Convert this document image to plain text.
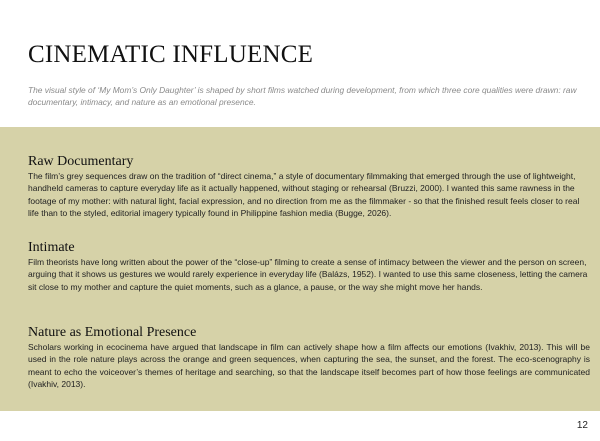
CINEMATIC INFLUENCE
The visual style of ‘My Mom’s Only Daughter’ is shaped by short films watched during development, from which three core qualities were drawn: raw documentary, intimacy, and nature as an emotional presence.
Raw Documentary

The film’s grey sequences draw on the tradition of “direct cinema,” a style of documentary filmmaking that emerged through the use of lightweight, handheld cameras to capture everyday life as it actually happened, without staging or rehearsal (Bruzzi, 2000). I wanted this same rawness in the footage of my mother: with natural light, facial expression, and no direction from me as the filmmaker - so that the finished result feels closer to real life than to the styled, editorial imagery typically found in Philippine fashion media (Bugge, 2026).

Intimate

Film theorists have long written about the power of the “close-up” filming to create a sense of intimacy between the viewer and the person on screen, arguing that it shows us gestures we would rarely experience in everyday life (Balázs, 1952). I wanted to use this same closeness, letting the camera sit close to my mother and capture the quiet moments, such as a glance, a pause, or the way she might move her hands.

Nature as Emotional Presence

Scholars working in ecocinema have argued that landscape in film can actively shape how a film affects our emotions (Ivakhiv, 2013). This will be used in the role nature plays across the orange and green sequences, when capturing the sea, the sunset, and the forest. The eco-scenography is meant to echo the voiceover’s themes of heritage and searching, so that the landscape itself becomes part of how those feelings are communicated (Ivakhiv, 2013).

12
